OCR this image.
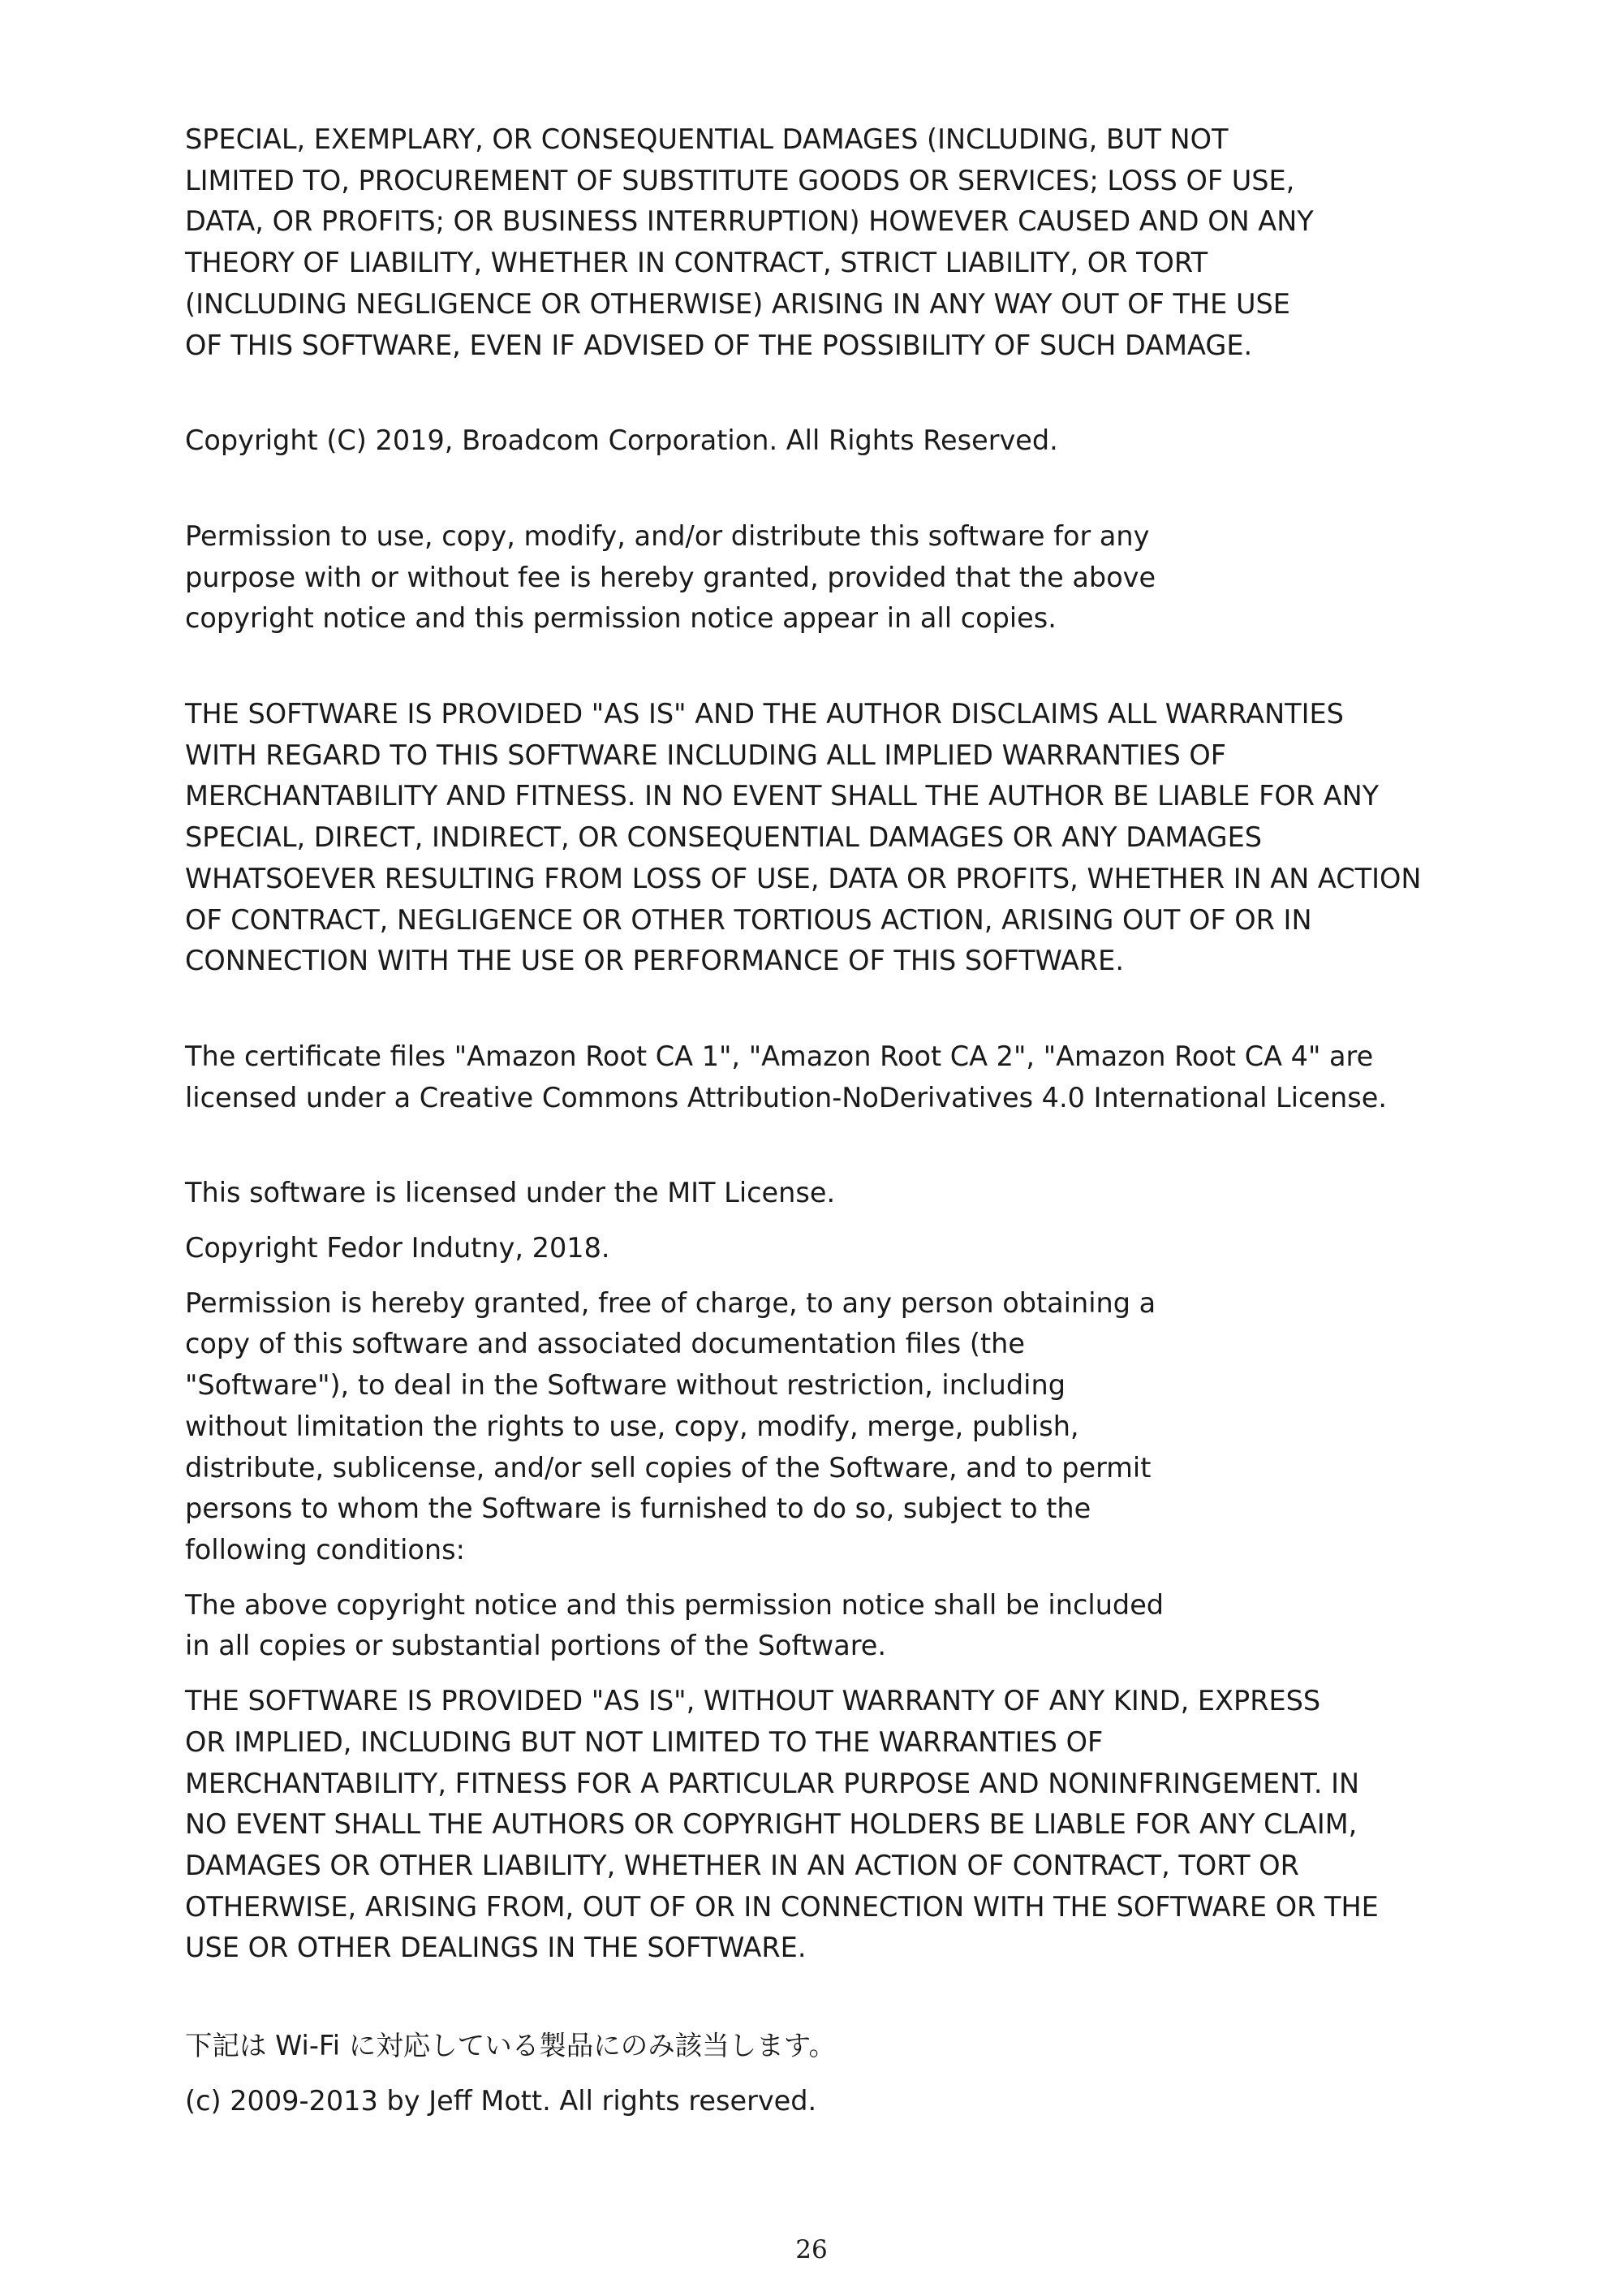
SPECIAL, EXEMPLARY, OR CONSEQUENTIAL DAMAGES (INCLUDING, BUT NOT
LIMITED TO, PROCUREMENT OF SUBSTITUTE GOODS OR SERVICES; LOSS OF USE,
DATA, OR PROFITS; OR BUSINESS INTERRUPTION) HOWEVER CAUSED AND ON ANY
THEORY OF LIABILITY, WHETHER IN CONTRACT, STRICT LIABILITY, OR TORT
(INCLUDING NEGLIGENCE OR OTHERWISE) ARISING IN ANY WAY OUT OF THE USE
OF THIS SOFTWARE, EVEN IF ADVISED OF THE POSSIBILITY OF SUCH DAMAGE.

Copyright (C) 2019, Broadcom Corporation. All Rights Reserved.

Permission to use, copy, modify, and/or distribute this software for any
purpose with or without fee is hereby granted, provided that the above
copyright notice and this permission notice appear in all copies.

THE SOFTWARE IS PROVIDED "AS IS" AND THE AUTHOR DISCLAIMS ALL WARRANTIES
WITH REGARD TO THIS SOFTWARE INCLUDING ALL IMPLIED WARRANTIES OF
MERCHANTABILITY AND FITNESS. IN NO EVENT SHALL THE AUTHOR BE LIABLE FOR ANY
SPECIAL, DIRECT, INDIRECT, OR CONSEQUENTIAL DAMAGES OR ANY DAMAGES
WHATSOEVER RESULTING FROM LOSS OF USE, DATA OR PROFITS, WHETHER IN AN ACTION
OF CONTRACT, NEGLIGENCE OR OTHER TORTIOUS ACTION, ARISING OUT OF OR IN
CONNECTION WITH THE USE OR PERFORMANCE OF THIS SOFTWARE.

The certificate files "Amazon Root CA 1", "Amazon Root CA 2", "Amazon Root CA 4" are
licensed under a Creative Commons Attribution-NoDerivatives 4.0 International License.

This software is licensed under the MIT License.

Copyright Fedor Indutny, 2018.

Permission is hereby granted, free of charge, to any person obtaining a
copy of this software and associated documentation files (the
"Software"), to deal in the Software without restriction, including
without limitation the rights to use, copy, modify, merge, publish,
distribute, sublicense, and/or sell copies of the Software, and to permit
persons to whom the Software is furnished to do so, subject to the
following conditions:

The above copyright notice and this permission notice shall be included
in all copies or substantial portions of the Software.

THE SOFTWARE IS PROVIDED "AS IS", WITHOUT WARRANTY OF ANY KIND, EXPRESS
OR IMPLIED, INCLUDING BUT NOT LIMITED TO THE WARRANTIES OF
MERCHANTABILITY, FITNESS FOR A PARTICULAR PURPOSE AND NONINFRINGEMENT. IN
NO EVENT SHALL THE AUTHORS OR COPYRIGHT HOLDERS BE LIABLE FOR ANY CLAIM,
DAMAGES OR OTHER LIABILITY, WHETHER IN AN ACTION OF CONTRACT, TORT OR
OTHERWISE, ARISING FROM, OUT OF OR IN CONNECTION WITH THE SOFTWARE OR THE
USE OR OTHER DEALINGS IN THE SOFTWARE.

下記は Wi-Fi に対応している製品にのみ該当します。

(c) 2009-2013 by Jeff Mott. All rights reserved.

26
